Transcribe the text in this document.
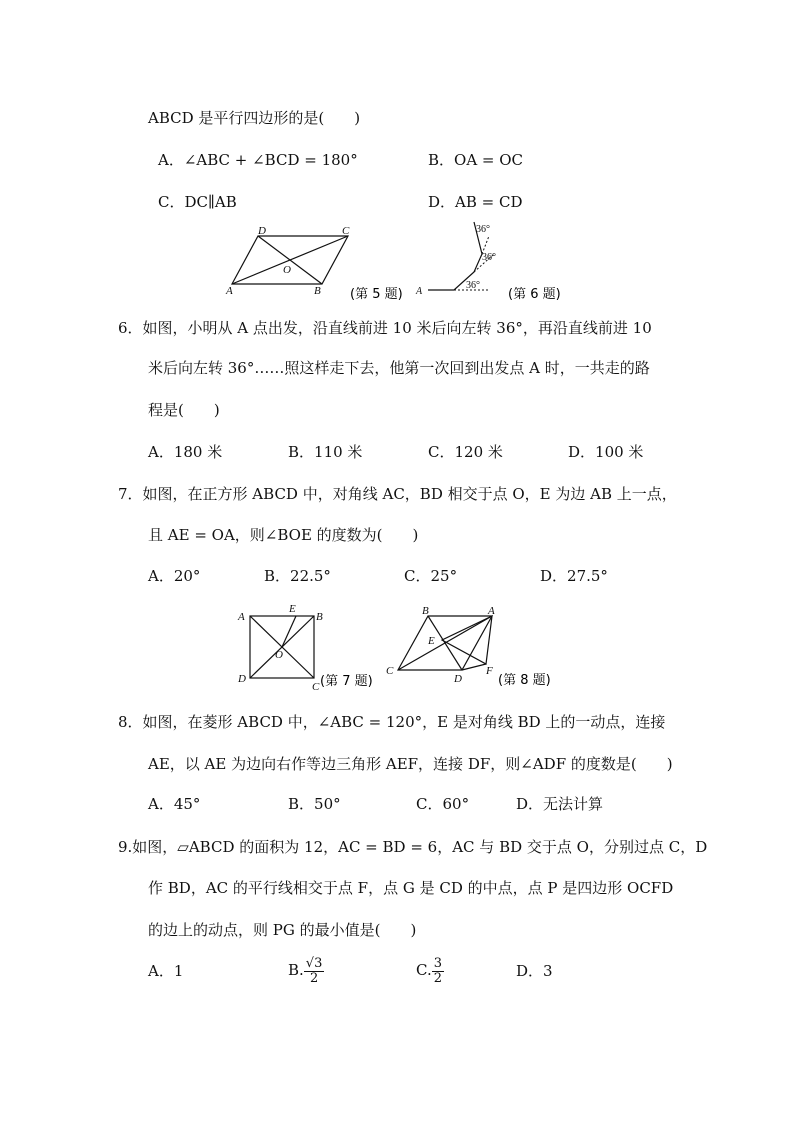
ABCD 是平行四边形的是(　　)
A．∠ABC + ∠BCD = 180°	B．OA = OC
C．DC∥AB	D．AB = CD
A	B
C
D
O
(第 5 题) A
36°
36°
36°
(第 6 题)
6．如图，小明从 A 点出发，沿直线前进 10 米后向左转 36°，再沿直线前进 10
米后向左转 36°……照这样走下去，他第一次回到出发点 A 时，一共走的路
程是(　　)
A．180 米	B．110 米	C．120 米	D．100 米
7．如图，在正方形 ABCD 中，对角线 AC，BD 相交于点 O，E 为边 AB 上一点，
且 AE = OA，则∠BOE 的度数为(　　)
A．20°	B．22.5°	C．25°	D．27.5°
A	B
C
D
E
O
(第 7 题)
A
B
C
D
E
F
(第 8 题)
8．如图，在菱形 ABCD 中，∠ABC = 120°，E 是对角线 BD 上的一动点，连接
AE，以 AE 为边向右作等边三角形 AEF，连接 DF，则∠ADF 的度数是(　　)
A．45°	B．50°	C．60°	D．无法计算
9.如图，▱ABCD 的面积为 12，AC = BD = 6，AC 与 BD 交于点 O，分别过点 C，D
作 BD，AC 的平行线相交于点 F，点 G 是 CD 的中点，点 P 是四边形 OCFD
的边上的动点，则 PG 的最小值是(　　)
A．1	B. $\frac{√3}{2}$	C. $\frac{3}{2}$	D．3
